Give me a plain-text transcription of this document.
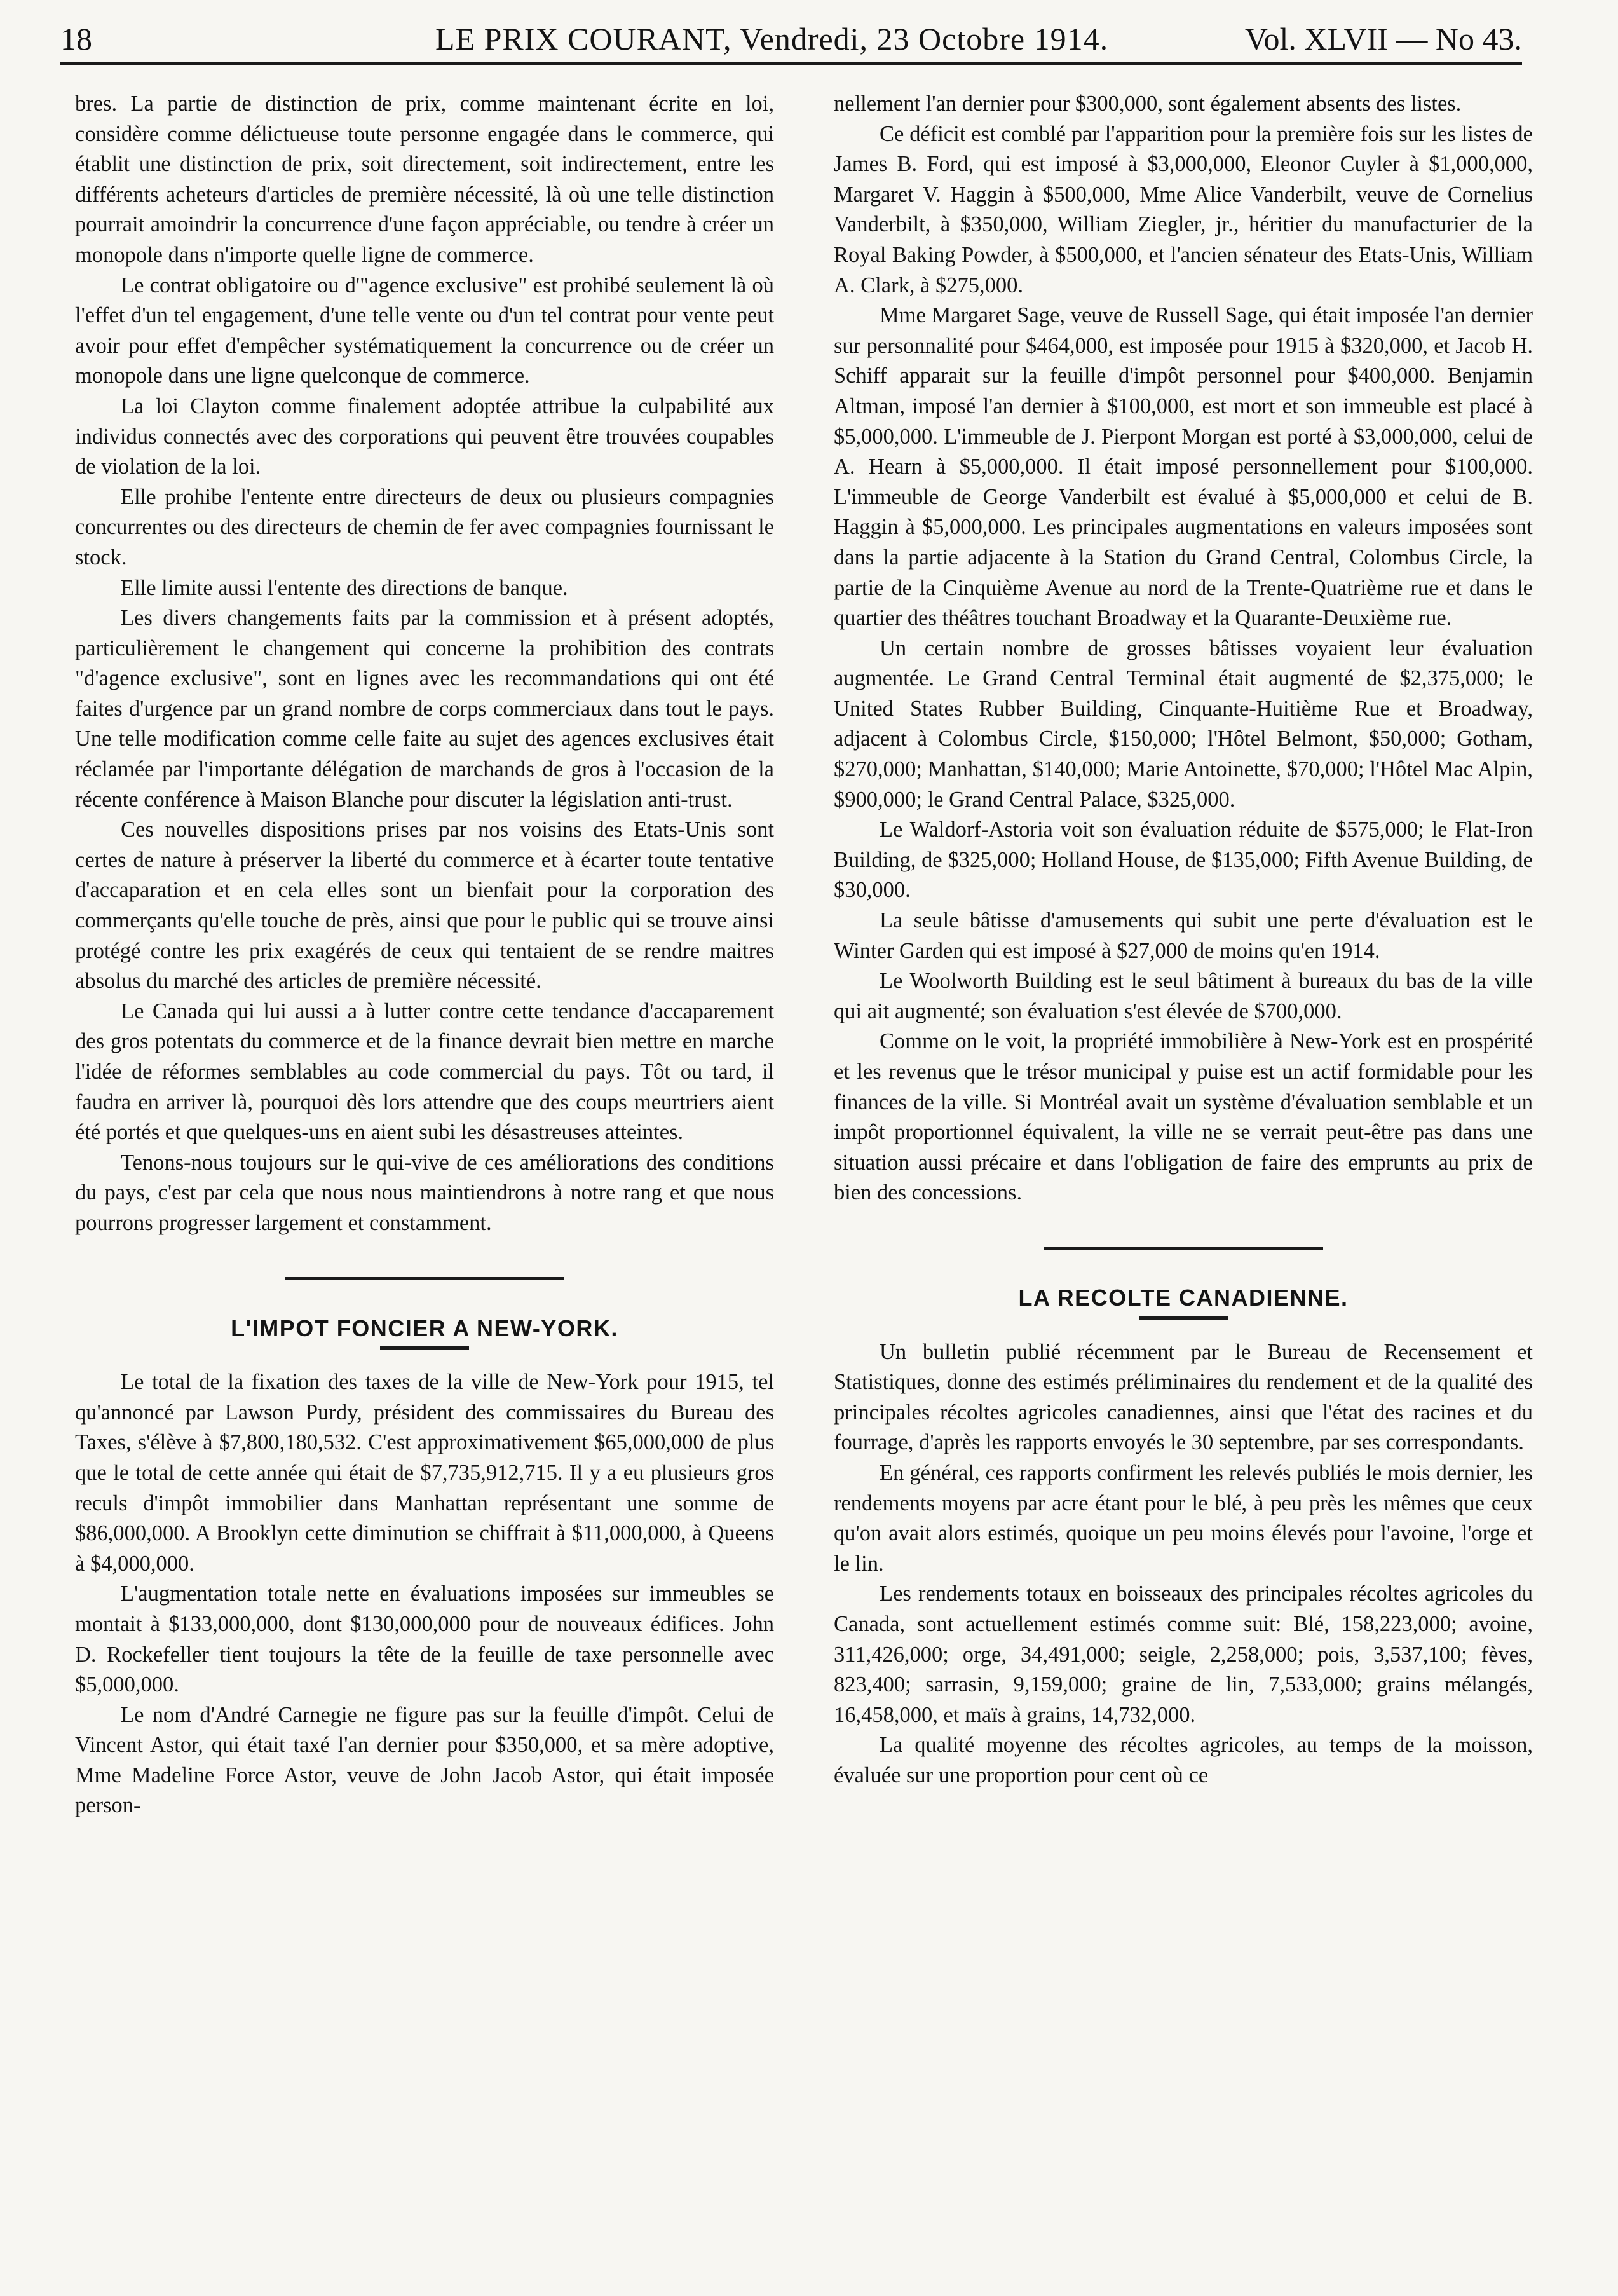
18	LE PRIX COURANT, Vendredi, 23 Octobre 1914.	Vol. XLVII — No 43.

bres. La partie de distinction de prix, comme maintenant écrite en loi, considère comme délictueuse toute personne engagée dans le commerce, qui établit une distinction de prix, soit directement, soit indirectement, entre les différents acheteurs d'articles de première nécessité, là où une telle distinction pourrait amoindrir la concurrence d'une façon appréciable, ou tendre à créer un monopole dans n'importe quelle ligne de commerce.

Le contrat obligatoire ou d'"agence exclusive" est prohibé seulement là où l'effet d'un tel engagement, d'une telle vente ou d'un tel contrat pour vente peut avoir pour effet d'empêcher systématiquement la concurrence ou de créer un monopole dans une ligne quelconque de commerce.

La loi Clayton comme finalement adoptée attribue la culpabilité aux individus connectés avec des corporations qui peuvent être trouvées coupables de violation de la loi.

Elle prohibe l'entente entre directeurs de deux ou plusieurs compagnies concurrentes ou des directeurs de chemin de fer avec compagnies fournissant le stock.

Elle limite aussi l'entente des directions de banque.

Les divers changements faits par la commission et à présent adoptés, particulièrement le changement qui concerne la prohibition des contrats "d'agence exclusive", sont en lignes avec les recommandations qui ont été faites d'urgence par un grand nombre de corps commerciaux dans tout le pays. Une telle modification comme celle faite au sujet des agences exclusives était réclamée par l'importante délégation de marchands de gros à l'occasion de la récente conférence à Maison Blanche pour discuter la législation anti-trust.

Ces nouvelles dispositions prises par nos voisins des Etats-Unis sont certes de nature à préserver la liberté du commerce et à écarter toute tentative d'accaparation et en cela elles sont un bienfait pour la corporation des commerçants qu'elle touche de près, ainsi que pour le public qui se trouve ainsi protégé contre les prix exagérés de ceux qui tentaient de se rendre maitres absolus du marché des articles de première nécessité.

Le Canada qui lui aussi a à lutter contre cette tendance d'accaparement des gros potentats du commerce et de la finance devrait bien mettre en marche l'idée de réformes semblables au code commercial du pays. Tôt ou tard, il faudra en arriver là, pourquoi dès lors attendre que des coups meurtriers aient été portés et que quelques-uns en aient subi les désastreuses atteintes.

Tenons-nous toujours sur le qui-vive de ces améliorations des conditions du pays, c'est par cela que nous nous maintiendrons à notre rang et que nous pourrons progresser largement et constamment.

L'IMPOT FONCIER A NEW-YORK.

Le total de la fixation des taxes de la ville de New-York pour 1915, tel qu'annoncé par Lawson Purdy, président des commissaires du Bureau des Taxes, s'élève à $7,800,180,532. C'est approximativement $65,000,000 de plus que le total de cette année qui était de $7,735,912,715. Il y a eu plusieurs gros reculs d'impôt immobilier dans Manhattan représentant une somme de $86,000,000. A Brooklyn cette diminution se chiffrait à $11,000,000, à Queens à $4,000,000.

L'augmentation totale nette en évaluations imposées sur immeubles se montait à $133,000,000, dont $130,000,000 pour de nouveaux édifices. John D. Rockefeller tient toujours la tête de la feuille de taxe personnelle avec $5,000,000.

Le nom d'André Carnegie ne figure pas sur la feuille d'impôt. Celui de Vincent Astor, qui était taxé l'an dernier pour $350,000, et sa mère adoptive, Mme Madeline Force Astor, veuve de John Jacob Astor, qui était imposée person-

nellement l'an dernier pour $300,000, sont également absents des listes.

Ce déficit est comblé par l'apparition pour la première fois sur les listes de James B. Ford, qui est imposé à $3,000,000, Eleonor Cuyler à $1,000,000, Margaret V. Haggin à $500,000, Mme Alice Vanderbilt, veuve de Cornelius Vanderbilt, à $350,000, William Ziegler, jr., héritier du manufacturier de la Royal Baking Powder, à $500,000, et l'ancien sénateur des Etats-Unis, William A. Clark, à $275,000.

Mme Margaret Sage, veuve de Russell Sage, qui était imposée l'an dernier sur personnalité pour $464,000, est imposée pour 1915 à $320,000, et Jacob H. Schiff apparait sur la feuille d'impôt personnel pour $400,000. Benjamin Altman, imposé l'an dernier à $100,000, est mort et son immeuble est placé à $5,000,000. L'immeuble de J. Pierpont Morgan est porté à $3,000,000, celui de A. Hearn à $5,000,000. Il était imposé personnellement pour $100,000. L'immeuble de George Vanderbilt est évalué à $5,000,000 et celui de B. Haggin à $5,000,000. Les principales augmentations en valeurs imposées sont dans la partie adjacente à la Station du Grand Central, Colombus Circle, la partie de la Cinquième Avenue au nord de la Trente-Quatrième rue et dans le quartier des théâtres touchant Broadway et la Quarante-Deuxième rue.

Un certain nombre de grosses bâtisses voyaient leur évaluation augmentée. Le Grand Central Terminal était augmenté de $2,375,000; le United States Rubber Building, Cinquante-Huitième Rue et Broadway, adjacent à Colombus Circle, $150,000; l'Hôtel Belmont, $50,000; Gotham, $270,000; Manhattan, $140,000; Marie Antoinette, $70,000; l'Hôtel Mac Alpin, $900,000; le Grand Central Palace, $325,000.

Le Waldorf-Astoria voit son évaluation réduite de $575,000; le Flat-Iron Building, de $325,000; Holland House, de $135,000; Fifth Avenue Building, de $30,000.

La seule bâtisse d'amusements qui subit une perte d'évaluation est le Winter Garden qui est imposé à $27,000 de moins qu'en 1914.

Le Woolworth Building est le seul bâtiment à bureaux du bas de la ville qui ait augmenté; son évaluation s'est élevée de $700,000.

Comme on le voit, la propriété immobilière à New-York est en prospérité et les revenus que le trésor municipal y puise est un actif formidable pour les finances de la ville. Si Montréal avait un système d'évaluation semblable et un impôt proportionnel équivalent, la ville ne se verrait peut-être pas dans une situation aussi précaire et dans l'obligation de faire des emprunts au prix de bien des concessions.

LA RECOLTE CANADIENNE.

Un bulletin publié récemment par le Bureau de Recensement et Statistiques, donne des estimés préliminaires du rendement et de la qualité des principales récoltes agricoles canadiennes, ainsi que l'état des racines et du fourrage, d'après les rapports envoyés le 30 septembre, par ses correspondants.

En général, ces rapports confirment les relevés publiés le mois dernier, les rendements moyens par acre étant pour le blé, à peu près les mêmes que ceux qu'on avait alors estimés, quoique un peu moins élevés pour l'avoine, l'orge et le lin.

Les rendements totaux en boisseaux des principales récoltes agricoles du Canada, sont actuellement estimés comme suit: Blé, 158,223,000; avoine, 311,426,000; orge, 34,491,000; seigle, 2,258,000; pois, 3,537,100; fèves, 823,400; sarrasin, 9,159,000; graine de lin, 7,533,000; grains mélangés, 16,458,000, et maïs à grains, 14,732,000.

La qualité moyenne des récoltes agricoles, au temps de la moisson, évaluée sur une proportion pour cent où ce
